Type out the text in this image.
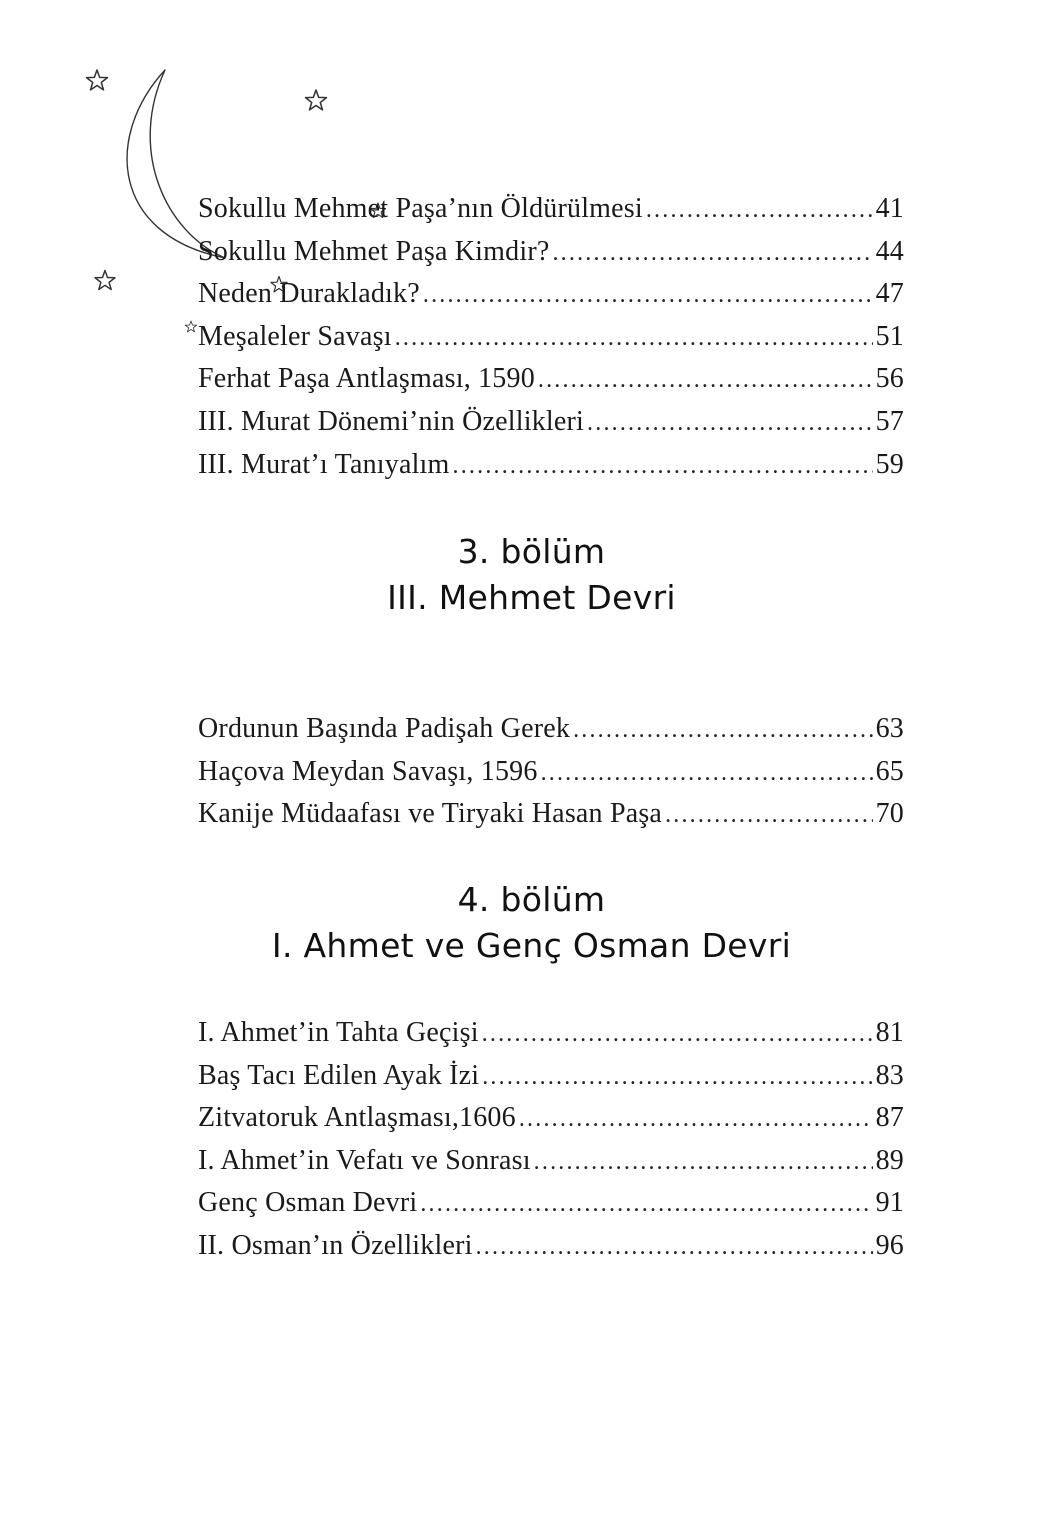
Sokullu Mehmet Paşa’nın Öldürülmesi .....	41
Sokullu Mehmet Paşa Kimdir? .....	44
Neden Durakladık? .....	47
Meşaleler Savaşı .....	51
Ferhat Paşa Antlaşması, 1590 .....	56
III. Murat Dönemi’nin Özellikleri .....	57
III. Murat’ı Tanıyalım .....	59
3. bölüm
III. Mehmet Devri
Ordunun Başında Padişah Gerek .....	63
Haçova Meydan Savaşı, 1596 .....	65
Kanije Müdaafası ve Tiryaki Hasan Paşa .....	70
4. bölüm
I. Ahmet ve Genç Osman Devri
I. Ahmet’in Tahta Geçişi .....	81
Baş Tacı Edilen Ayak İzi .....	83
Zitvatoruk Antlaşması,1606 .....	87
I. Ahmet’in Vefatı ve Sonrası .....	89
Genç Osman Devri .....	91
II. Osman’ın Özellikleri .....	96
